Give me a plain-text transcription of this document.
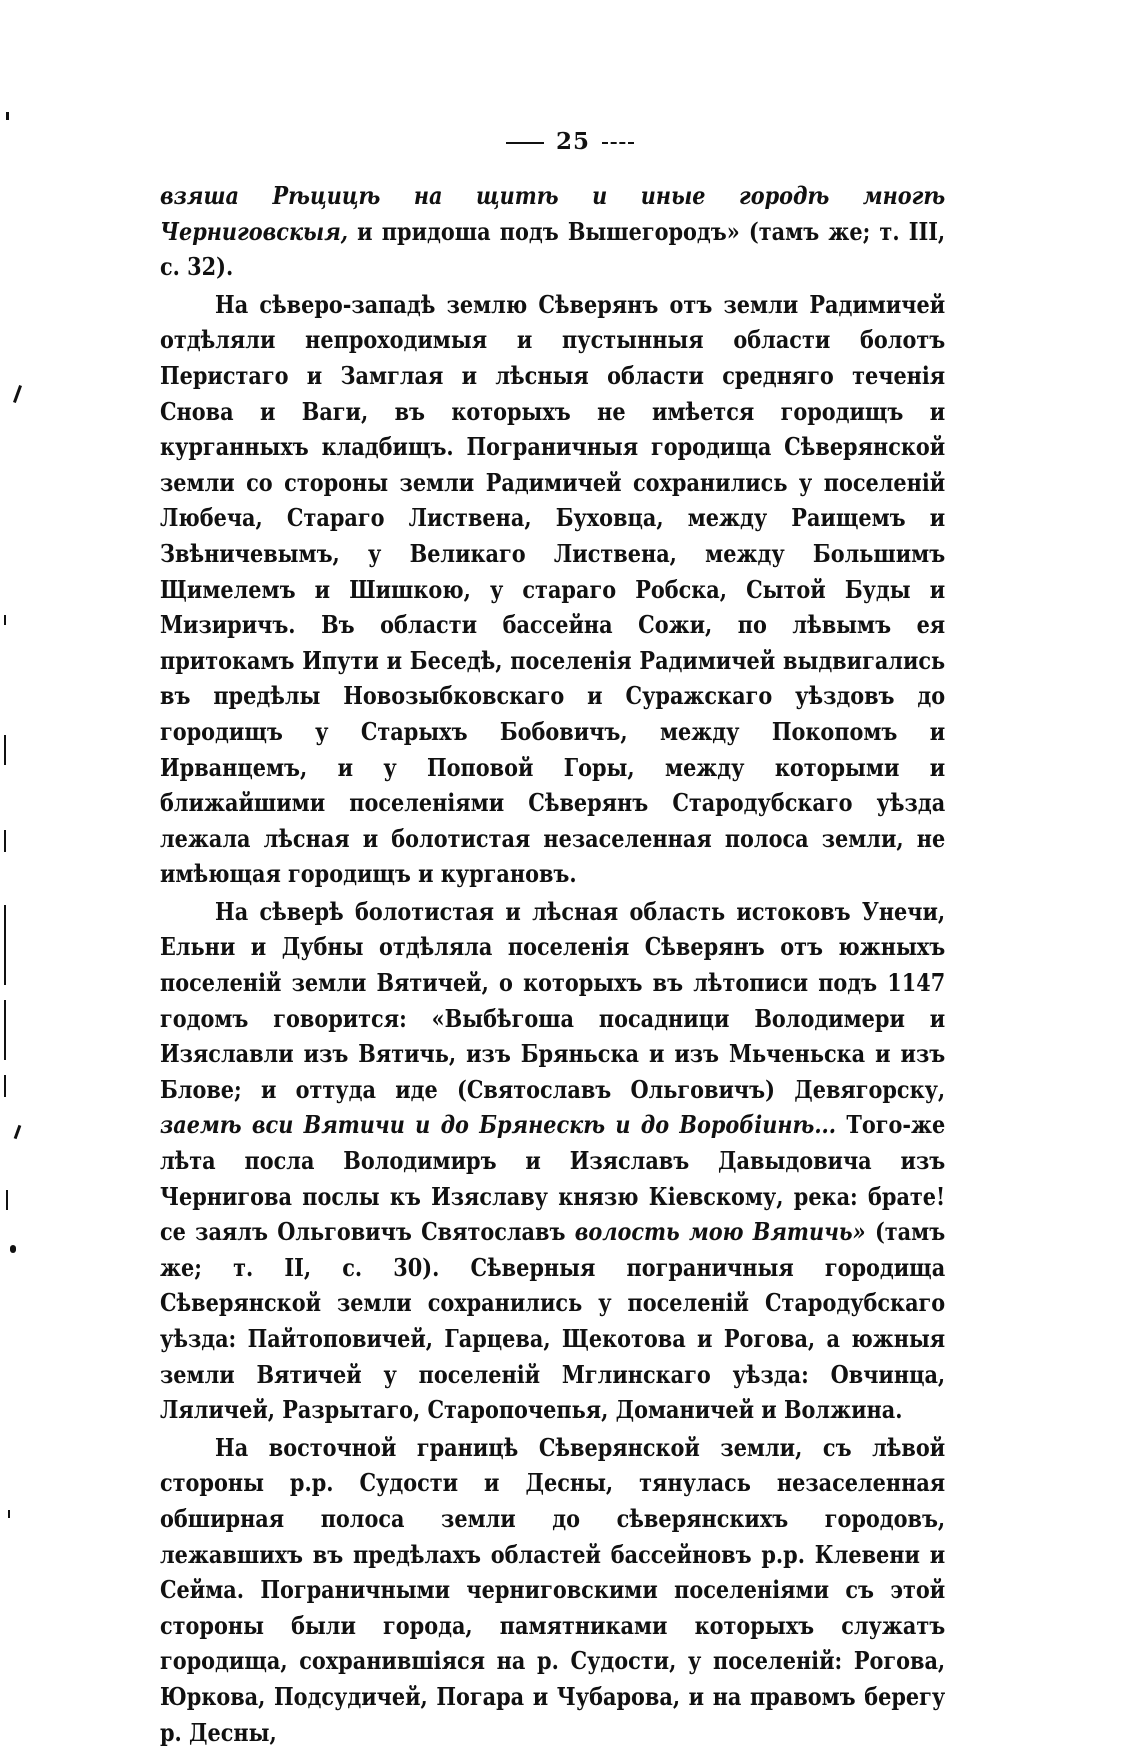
25

взяша Рѣцицѣ на щитѣ и иные городѣ многѣ Черниговскыя, и придоша подъ Вышегородъ» (тамъ же; т. III, с. 32).

На сѣверо-западѣ землю Сѣверянъ отъ земли Радимичей отдѣляли непроходимыя и пустынныя области болотъ Перистаго и Замглая и лѣсныя области средняго теченія Снова и Ваги, въ которыхъ не имѣется городищъ и курганныхъ кладбищъ. Пограничныя городища Сѣверянской земли со стороны земли Радимичей сохранились у поселеній Любеча, Стараго Листвена, Буховца, между Раищемъ и Звѣничевымъ, у Великаго Листвена, между Большимъ Щимелемъ и Шишкою, у стараго Робска, Сытой Буды и Мизиричъ. Въ области бассейна Сожи, по лѣвымъ ея притокамъ Ипути и Беседѣ, поселенія Радимичей выдвигались въ предѣлы Новозыбковскаго и Суражскаго уѣздовъ до городищъ у Старыхъ Бобовичъ, между Покопомъ и Ирванцемъ, и у Поповой Горы, между которыми и ближайшими поселеніями Сѣверянъ Стародубскаго уѣзда лежала лѣсная и болотистая незаселенная полоса земли, не имѣющая городищъ и кургановъ.

На сѣверѣ болотистая и лѣсная область истоковъ Унечи, Ельни и Дубны отдѣляла поселенія Сѣверянъ отъ южныхъ поселеній земли Вятичей, о которыхъ въ лѣтописи подъ 1147 годомъ говорится: «Выбѣгоша посадници Володимери и Изяславли изъ Вятичь, изъ Бряньска и изъ Мьченьска и изъ Блове; и оттуда иде (Святославъ Ольговичъ) Девягорску, заемѣ вси Вятичи и до Брянескѣ и до Воробіинѣ... Того-же лѣта посла Володимиръ и Изяславъ Давыдовича изъ Чернигова послы къ Изяславу князю Кіевскому, река: брате! се заялъ Ольговичъ Святославъ волость мою Вятичь» (тамъ же; т. II, с. 30). Сѣверныя пограничныя городища Сѣверянской земли сохранились у поселеній Стародубскаго уѣзда: Пайтоповичей, Гарцева, Щекотова и Рогова, а южныя земли Вятичей у поселеній Мглинскаго уѣзда: Овчинца, Ляличей, Разрытаго, Старопочепья, Доманичей и Волжина.

На восточной границѣ Сѣверянской земли, съ лѣвой стороны р.р. Судости и Десны, тянулась незаселенная обширная полоса земли до сѣверянскихъ городовъ, лежавшихъ въ предѣлахъ областей бассейновъ р.р. Клевени и Сейма. Пограничными черниговскими поселеніями съ этой стороны были города, памятниками которыхъ служатъ городища, сохранившіяся на р. Судости, у поселеній: Рогова, Юркова, Подсудичей, Погара и Чубарова, и на правомъ берегу р. Десны,
